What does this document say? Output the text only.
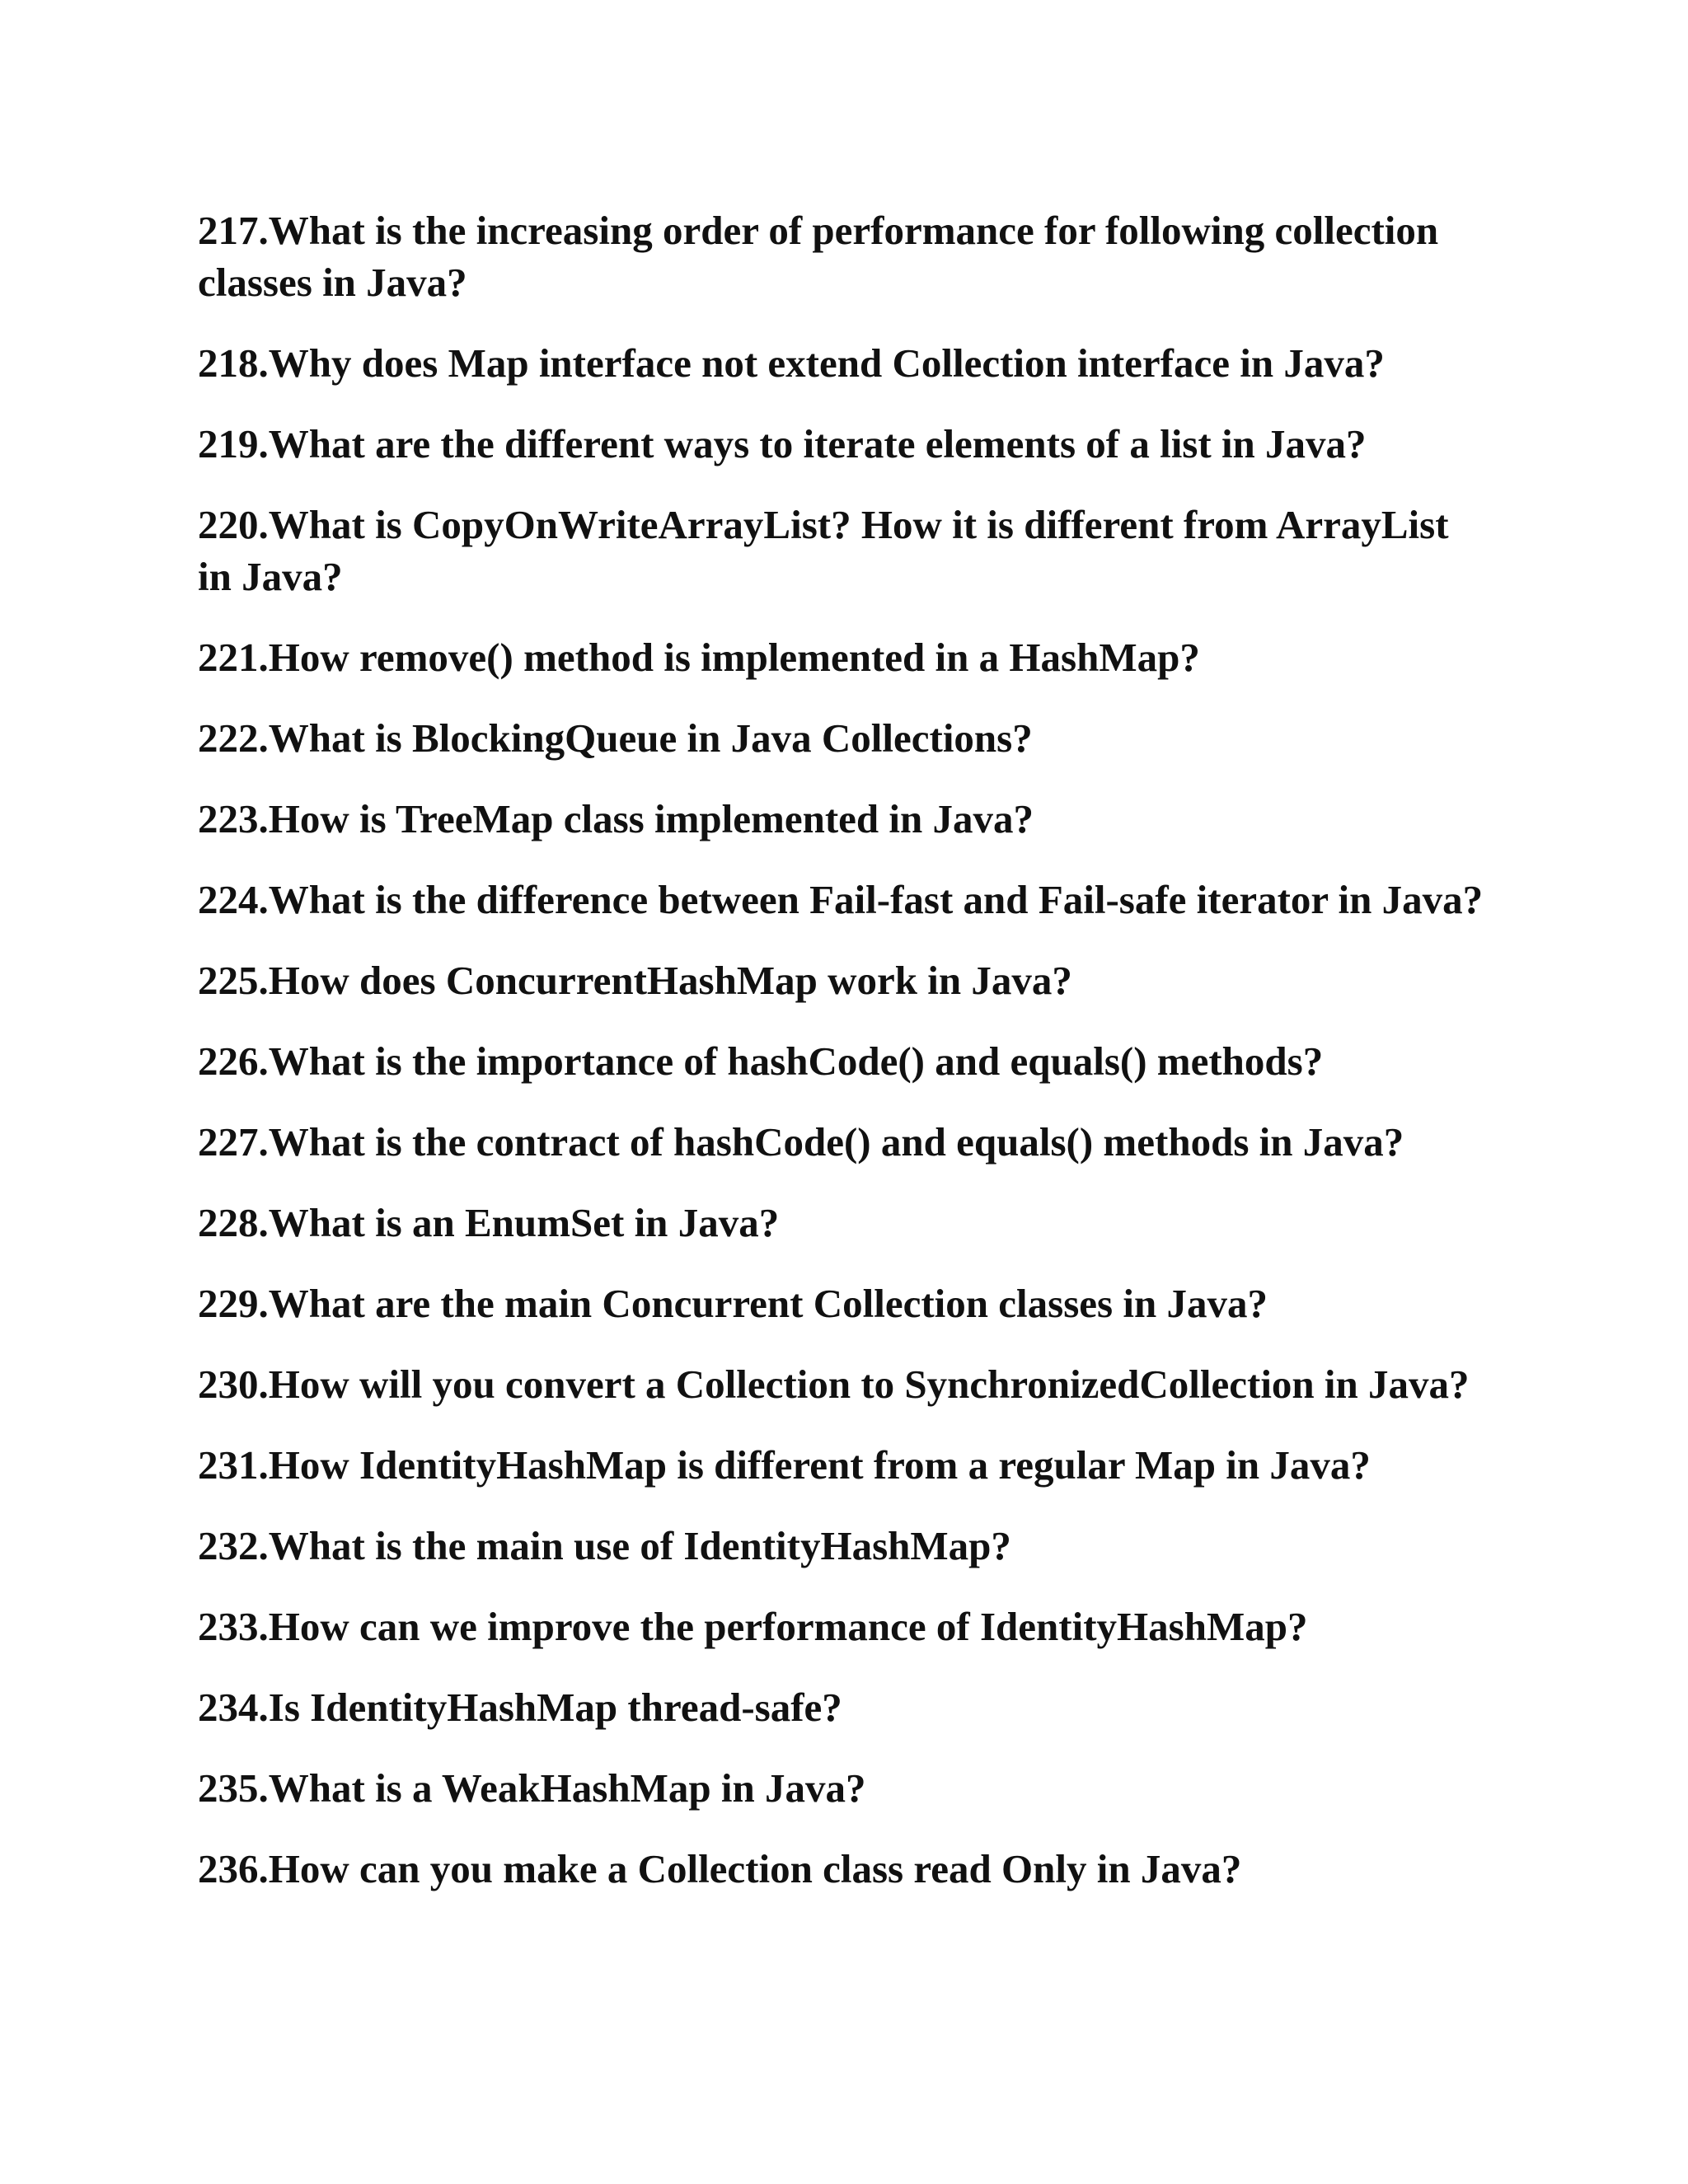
217.What is the increasing order of performance for following collection classes in Java?
218.Why does Map interface not extend Collection interface in Java?
219.What are the different ways to iterate elements of a list in Java?
220.What is CopyOnWriteArrayList? How it is different from ArrayList in Java?
221.How remove() method is implemented in a HashMap?
222.What is BlockingQueue in Java Collections?
223.How is TreeMap class implemented in Java?
224.What is the difference between Fail-fast and Fail-safe iterator in Java?
225.How does ConcurrentHashMap work in Java?
226.What is the importance of hashCode() and equals() methods?
227.What is the contract of hashCode() and equals() methods in Java?
228.What is an EnumSet in Java?
229.What are the main Concurrent Collection classes in Java?
230.How will you convert a Collection to SynchronizedCollection in Java?
231.How IdentityHashMap is different from a regular Map in Java?
232.What is the main use of IdentityHashMap?
233.How can we improve the performance of IdentityHashMap?
234.Is IdentityHashMap thread-safe?
235.What is a WeakHashMap in Java?
236.How can you make a Collection class read Only in Java?
